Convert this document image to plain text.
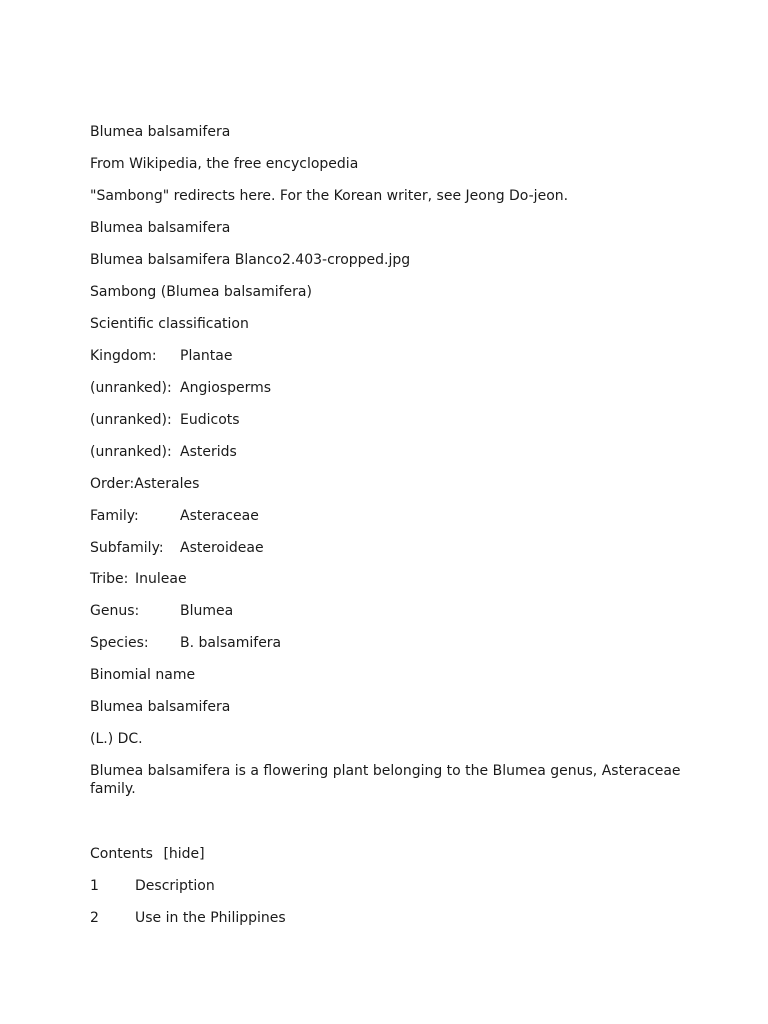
Blumea balsamifera
From Wikipedia, the free encyclopedia
"Sambong" redirects here. For the Korean writer, see Jeong Do-jeon.
Blumea balsamifera
Blumea balsamifera Blanco2.403-cropped.jpg
Sambong (Blumea balsamifera)
Scientific classification
Kingdom: Plantae
(unranked): Angiosperms
(unranked): Eudicots
(unranked): Asterids
Order:Asterales
Family:	Asteraceae
Subfamily: Asteroideae
Tribe: Inuleae
Genus:	Blumea
Species: B. balsamifera
Binomial name
Blumea balsamifera
(L.) DC.
Blumea balsamifera is a flowering plant belonging to the Blumea genus, Asteraceae family.
Contents [hide]
1	Description
2	Use in the Philippines
